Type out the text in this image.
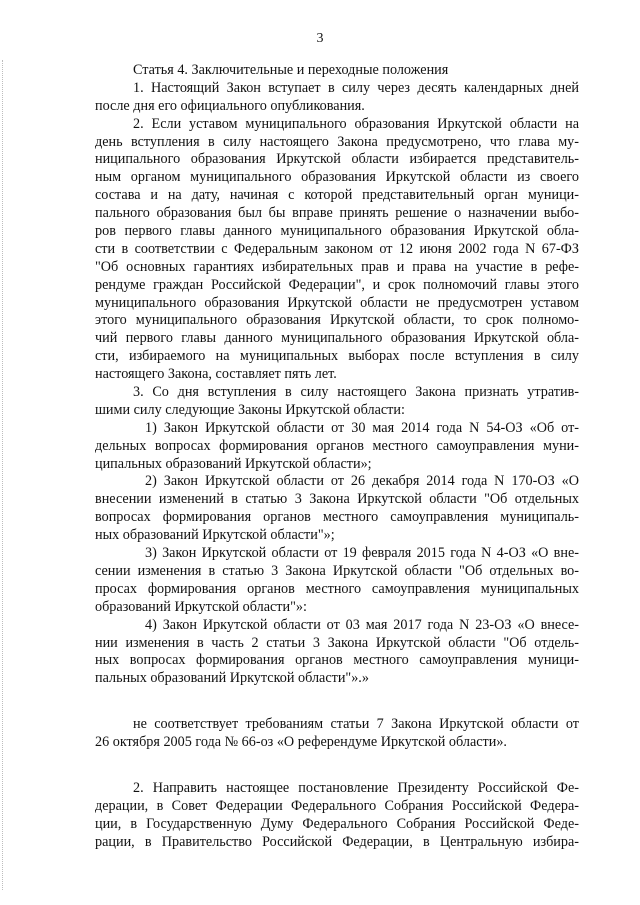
3
Статья 4. Заключительные и переходные положения
1. Настоящий Закон вступает в силу через десять календарных дней
после дня его официального опубликования.
2. Если уставом муниципального образования Иркутской области на
день вступления в силу настоящего Закона предусмотрено, что глава му-
ниципального образования Иркутской области избирается представитель-
ным органом муниципального образования Иркутской области из своего
состава и на дату, начиная с которой представительный орган муници-
пального образования был бы вправе принять решение о назначении выбо-
ров первого главы данного муниципального образования Иркутской обла-
сти в соответствии с Федеральным законом от 12 июня 2002 года N 67-ФЗ
"Об основных гарантиях избирательных прав и права на участие в рефе-
рендуме граждан Российской Федерации", и срок полномочий главы этого
муниципального образования Иркутской области не предусмотрен уставом
этого муниципального образования Иркутской области, то срок полномо-
чий первого главы данного муниципального образования Иркутской обла-
сти, избираемого на муниципальных выборах после вступления в силу
настоящего Закона, составляет пять лет.
3. Со дня вступления в силу настоящего Закона признать утратив-
шими силу следующие Законы Иркутской области:
1) Закон Иркутской области от 30 мая 2014 года N 54-ОЗ «Об от-
дельных вопросах формирования органов местного самоуправления муни-
ципальных образований Иркутской области»;
2) Закон Иркутской области от 26 декабря 2014 года N 170-ОЗ «О
внесении изменений в статью 3 Закона Иркутской области "Об отдельных
вопросах формирования органов местного самоуправления муниципаль-
ных образований Иркутской области"»;
3) Закон Иркутской области от 19 февраля 2015 года N 4-ОЗ «О вне-
сении изменения в статью 3 Закона Иркутской области "Об отдельных во-
просах формирования органов местного самоуправления муниципальных
образований Иркутской области"»:
4) Закон Иркутской области от 03 мая 2017 года N 23-ОЗ «О внесе-
нии изменения в часть 2 статьи 3 Закона Иркутской области "Об отдель-
ных вопросах формирования органов местного самоуправления муници-
пальных образований Иркутской области"».»
не соответствует требованиям статьи 7 Закона Иркутской области от
26 октября 2005 года № 66-оз «О референдуме Иркутской области».
2. Направить настоящее постановление Президенту Российской Фе-
дерации, в Совет Федерации Федерального Собрания Российской Федера-
ции, в Государственную Думу Федерального Собрания Российской Феде-
рации, в Правительство Российской Федерации, в Центральную избира-
